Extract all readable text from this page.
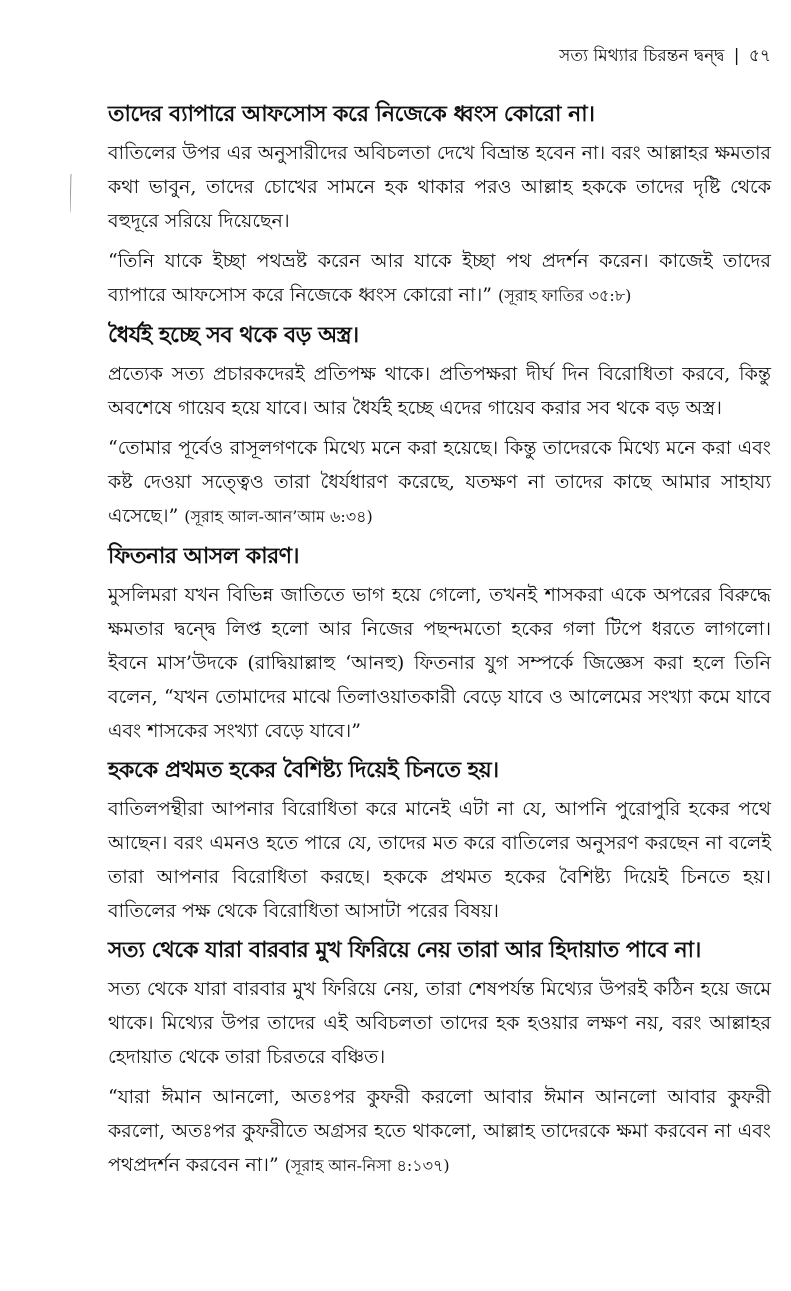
সত্য মিথ্যার চিরন্তন দ্বন্দ্ব | ৫৭
তাদের ব্যাপারে আফসোস করে নিজেকে ধ্বংস কোরো না।

বাতিলের উপর এর অনুসারীদের অবিচলতা দেখে বিভ্রান্ত হবেন না। বরং আল্লাহর ক্ষমতার কথা ভাবুন, তাদের চোখের সামনে হক থাকার পরও আল্লাহ হককে তাদের দৃষ্টি থেকে বহুদূরে সরিয়ে দিয়েছেন।

“তিনি যাকে ইচ্ছা পথভ্রষ্ট করেন আর যাকে ইচ্ছা পথ প্রদর্শন করেন। কাজেই তাদের ব্যাপারে আফসোস করে নিজেকে ধ্বংস কোরো না।” (সূরাহ ফাতির ৩৫:৮)

ধৈর্যই হচ্ছে সব থকে বড় অস্ত্র।

প্রত্যেক সত্য প্রচারকদেরই প্রতিপক্ষ থাকে। প্রতিপক্ষরা দীর্ঘ দিন বিরোধিতা করবে, কিন্তু অবশেষে গায়েব হয়ে যাবে। আর ধৈর্যই হচ্ছে এদের গায়েব করার সব থকে বড় অস্ত্র।

“তোমার পূর্বেও রাসূলগণকে মিথ্যে মনে করা হয়েছে। কিন্তু তাদেরকে মিথ্যে মনে করা এবং কষ্ট দেওয়া সত্ত্বেও তারা ধৈর্যধারণ করেছে, যতক্ষণ না তাদের কাছে আমার সাহায্য এসেছে।” (সূরাহ আল-আন’আম ৬:৩৪)

ফিতনার আসল কারণ।

মুসলিমরা যখন বিভিন্ন জাতিতে ভাগ হয়ে গেলো, তখনই শাসকরা একে অপরের বিরুদ্ধে ক্ষমতার দ্বন্দ্বে লিপ্ত হলো আর নিজের পছন্দমতো হকের গলা টিপে ধরতে লাগলো। ইবনে মাস’উদকে (রাদ্বিয়াল্লাহু ‘আনহু) ফিতনার যুগ সম্পর্কে জিজ্ঞেস করা হলে তিনি বলেন, “যখন তোমাদের মাঝে তিলাওয়াতকারী বেড়ে যাবে ও আলেমের সংখ্যা কমে যাবে এবং শাসকের সংখ্যা বেড়ে যাবে।”

হককে প্রথমত হকের বৈশিষ্ট্য দিয়েই চিনতে হয়।

বাতিলপন্থীরা আপনার বিরোধিতা করে মানেই এটা না যে, আপনি পুরোপুরি হকের পথে আছেন। বরং এমনও হতে পারে যে, তাদের মত করে বাতিলের অনুসরণ করছেন না বলেই তারা আপনার বিরোধিতা করছে। হককে প্রথমত হকের বৈশিষ্ট্য দিয়েই চিনতে হয়। বাতিলের পক্ষ থেকে বিরোধিতা আসাটা পরের বিষয়।

সত্য থেকে যারা বারবার মুখ ফিরিয়ে নেয় তারা আর হিদায়াত পাবে না।

সত্য থেকে যারা বারবার মুখ ফিরিয়ে নেয়, তারা শেষপর্যন্ত মিথ্যের উপরই কঠিন হয়ে জমে থাকে। মিথ্যের উপর তাদের এই অবিচলতা তাদের হক হওয়ার লক্ষণ নয়, বরং আল্লাহর হেদায়াত থেকে তারা চিরতরে বঞ্চিত।

“যারা ঈমান আনলো, অতঃপর কুফরী করলো আবার ঈমান আনলো আবার কুফরী করলো, অতঃপর কুফরীতে অগ্রসর হতে থাকলো, আল্লাহ তাদেরকে ক্ষমা করবেন না এবং পথপ্রদর্শন করবেন না।” (সূরাহ আন-নিসা ৪:১৩৭)
